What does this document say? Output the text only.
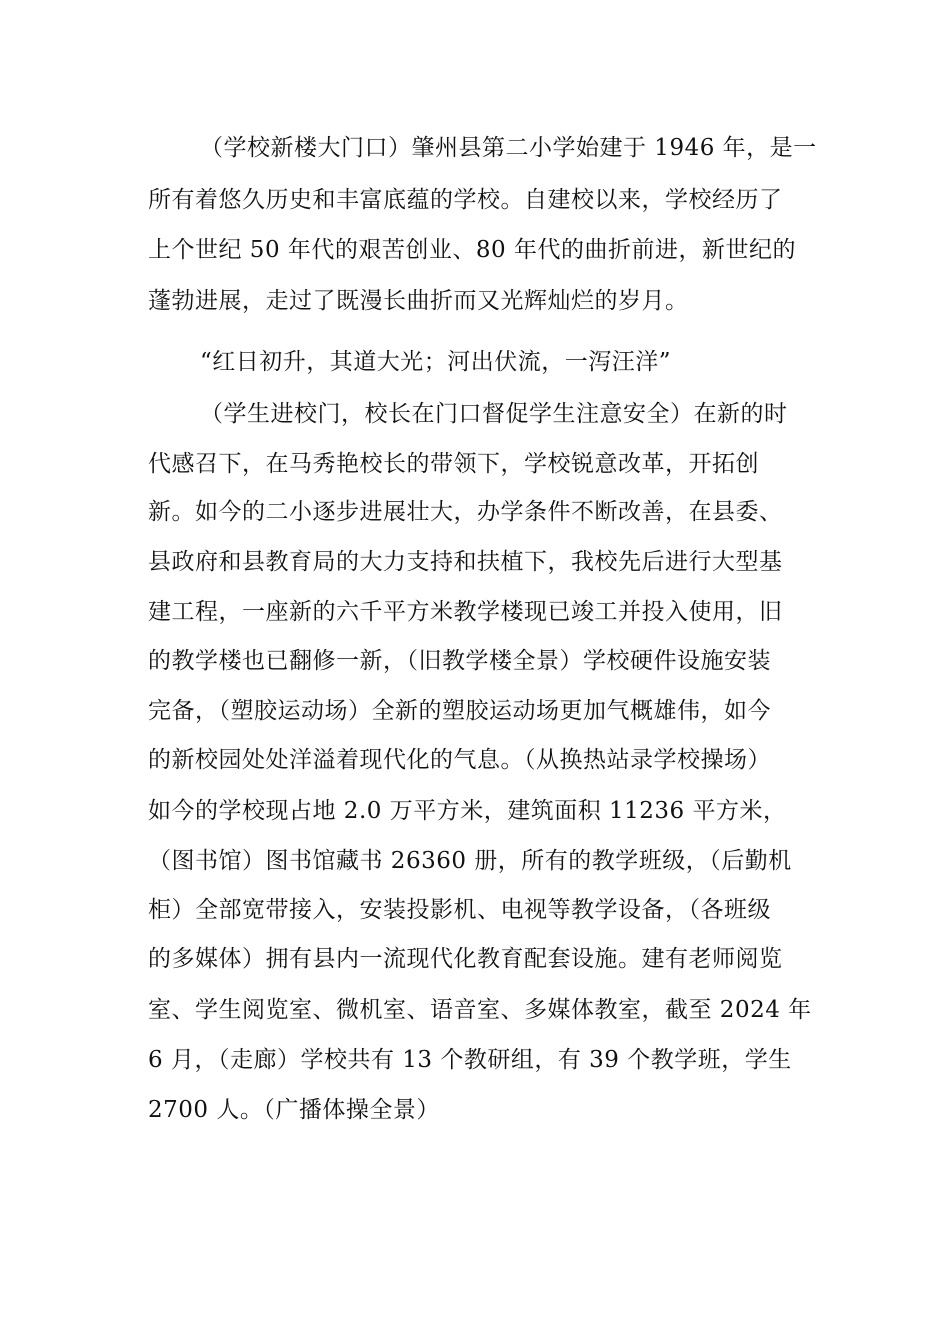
（学校新楼大门口）肇州县第二小学始建于 1946 年，是一
所有着悠久历史和丰富底蕴的学校。自建校以来，学校经历了
上个世纪 50 年代的艰苦创业、80 年代的曲折前进，新世纪的
蓬勃进展，走过了既漫长曲折而又光辉灿烂的岁月。
“红日初升，其道大光；河出伏流，一泻汪洋”
（学生进校门，校长在门口督促学生注意安全）在新的时
代感召下，在马秀艳校长的带领下，学校锐意改革，开拓创
新。如今的二小逐步进展壮大，办学条件不断改善，在县委、
县政府和县教育局的大力支持和扶植下，我校先后进行大型基
建工程，一座新的六千平方米教学楼现已竣工并投入使用，旧
的教学楼也已翻修一新，（旧教学楼全景）学校硬件设施安装
完备，（塑胶运动场）全新的塑胶运动场更加气概雄伟，如今
的新校园处处洋溢着现代化的气息。（从换热站录学校操场）
如今的学校现占地 2.0 万平方米，建筑面积 11236 平方米，
（图书馆）图书馆藏书 26360 册，所有的教学班级，（后勤机
柜）全部宽带接入，安装投影机、电视等教学设备，（各班级
的多媒体）拥有县内一流现代化教育配套设施。建有老师阅览
室、学生阅览室、微机室、语音室、多媒体教室，截至 2024 年
6 月，（走廊）学校共有 13 个教研组，有 39 个教学班，学生
2700 人。（广播体操全景）
